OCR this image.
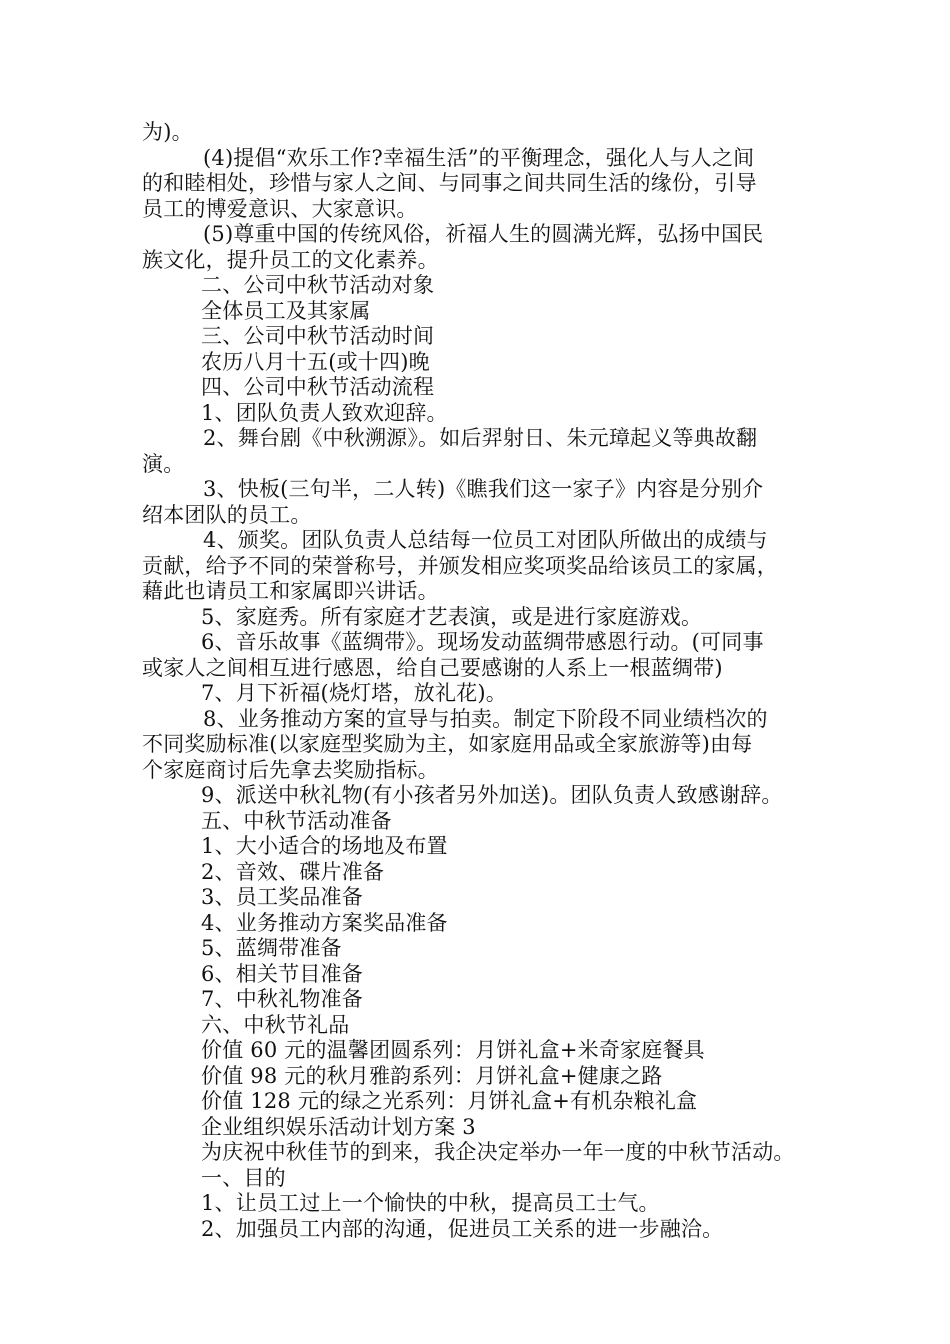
为)。
(4)提倡“欢乐工作?幸福生活”的平衡理念，强化人与人之间
的和睦相处，珍惜与家人之间、与同事之间共同生活的缘份，引导
员工的博爱意识、大家意识。
(5)尊重中国的传统风俗，祈福人生的圆满光辉，弘扬中国民
族文化，提升员工的文化素养。
二、公司中秋节活动对象
全体员工及其家属
三、公司中秋节活动时间
农历八月十五(或十四)晚
四、公司中秋节活动流程
1、团队负责人致欢迎辞。
2、舞台剧《中秋溯源》。如后羿射日、朱元璋起义等典故翻
演。
3、快板(三句半，二人转)《瞧我们这一家子》内容是分别介
绍本团队的员工。
4、颁奖。团队负责人总结每一位员工对团队所做出的成绩与
贡献，给予不同的荣誉称号，并颁发相应奖项奖品给该员工的家属，
藉此也请员工和家属即兴讲话。
5、家庭秀。所有家庭才艺表演，或是进行家庭游戏。
6、音乐故事《蓝绸带》。现场发动蓝绸带感恩行动。(可同事
或家人之间相互进行感恩，给自己要感谢的人系上一根蓝绸带)
7、月下祈福(烧灯塔，放礼花)。
8、业务推动方案的宣导与拍卖。制定下阶段不同业绩档次的
不同奖励标准(以家庭型奖励为主，如家庭用品或全家旅游等)由每
个家庭商讨后先拿去奖励指标。
9、派送中秋礼物(有小孩者另外加送)。团队负责人致感谢辞。
五、中秋节活动准备
1、大小适合的场地及布置
2、音效、碟片准备
3、员工奖品准备
4、业务推动方案奖品准备
5、蓝绸带准备
6、相关节目准备
7、中秋礼物准备
六、中秋节礼品
价值 60 元的温馨团圆系列：月饼礼盒+米奇家庭餐具
价值 98 元的秋月雅韵系列：月饼礼盒+健康之路
价值 128 元的绿之光系列：月饼礼盒+有机杂粮礼盒
企业组织娱乐活动计划方案 3
为庆祝中秋佳节的到来，我企决定举办一年一度的中秋节活动。
一、目的
1、让员工过上一个愉快的中秋，提高员工士气。
2、加强员工内部的沟通，促进员工关系的进一步融洽。
